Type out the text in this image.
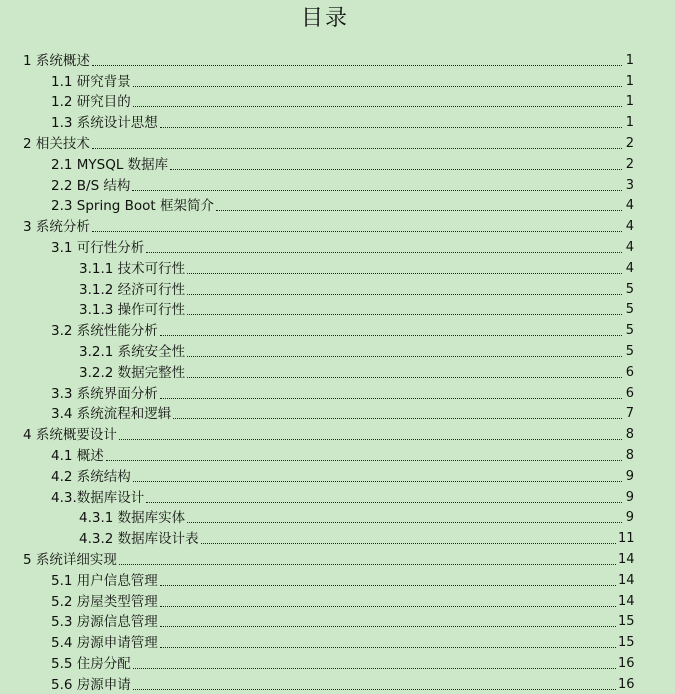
目录
1 系统概述	1
1.1 研究背景	1
1.2 研究目的	1
1.3 系统设计思想	1
2 相关技术	2
2.1 MYSQL 数据库	2
2.2 B/S 结构	3
2.3 Spring Boot 框架简介	4
3 系统分析	4
3.1 可行性分析	4
3.1.1 技术可行性	4
3.1.2 经济可行性	5
3.1.3 操作可行性	5
3.2 系统性能分析	5
3.2.1 系统安全性	5
3.2.2 数据完整性	6
3.3 系统界面分析	6
3.4 系统流程和逻辑	7
4 系统概要设计	8
4.1 概述	8
4.2 系统结构	9
4.3.数据库设计	9
4.3.1 数据库实体	9
4.3.2 数据库设计表	11
5 系统详细实现	14
5.1 用户信息管理	14
5.2 房屋类型管理	14
5.3 房源信息管理	15
5.4 房源申请管理	15
5.5 住房分配	16
5.6 房源申请	16
